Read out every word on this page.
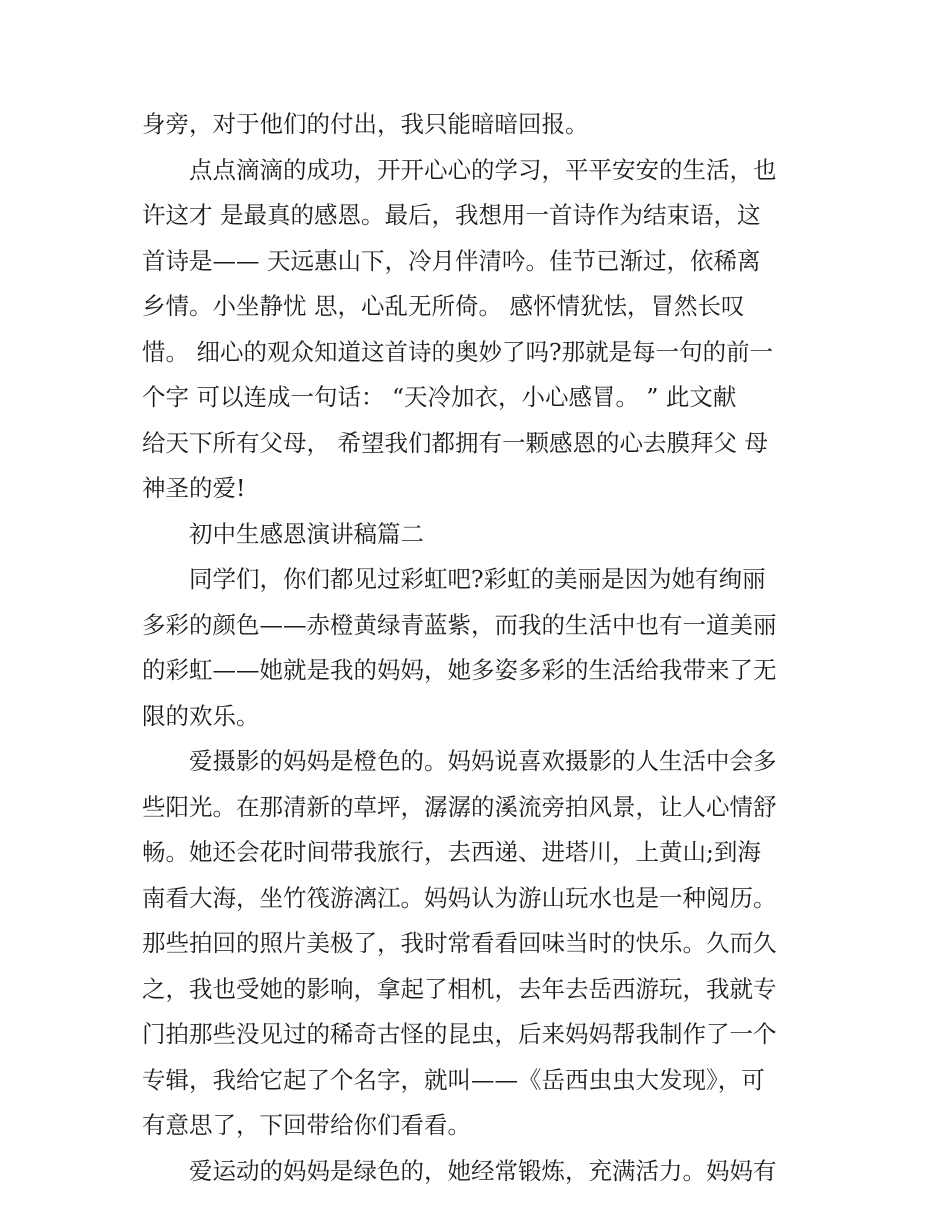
身旁，对于他们的付出，我只能暗暗回报。
点点滴滴的成功，开开心心的学习，平平安安的生活，也
许这才 是最真的感恩。最后，我想用一首诗作为结束语，这
首诗是—— 天远惠山下，冷月伴清吟。佳节已渐过，依稀离
乡情。小坐静忧 思，心乱无所倚。 感怀情犹怯，冒然长叹
惜。 细心的观众知道这首诗的奥妙了吗?那就是每一句的前一
个字 可以连成一句话： “天冷加衣，小心感冒。 ” 此文献
给天下所有父母， 希望我们都拥有一颗感恩的心去膜拜父 母
神圣的爱!
初中生感恩演讲稿篇二
同学们，你们都见过彩虹吧?彩虹的美丽是因为她有绚丽
多彩的颜色——赤橙黄绿青蓝紫，而我的生活中也有一道美丽
的彩虹——她就是我的妈妈，她多姿多彩的生活给我带来了无
限的欢乐。
爱摄影的妈妈是橙色的。妈妈说喜欢摄影的人生活中会多
些阳光。在那清新的草坪，潺潺的溪流旁拍风景，让人心情舒
畅。她还会花时间带我旅行，去西递、进塔川，上黄山;到海
南看大海，坐竹筏游漓江。妈妈认为游山玩水也是一种阅历。
那些拍回的照片美极了，我时常看看回味当时的快乐。久而久
之，我也受她的影响，拿起了相机，去年去岳西游玩，我就专
门拍那些没见过的稀奇古怪的昆虫，后来妈妈帮我制作了一个
专辑，我给它起了个名字，就叫——《岳西虫虫大发现》，可
有意思了，下回带给你们看看。
爱运动的妈妈是绿色的，她经常锻炼，充满活力。妈妈有
